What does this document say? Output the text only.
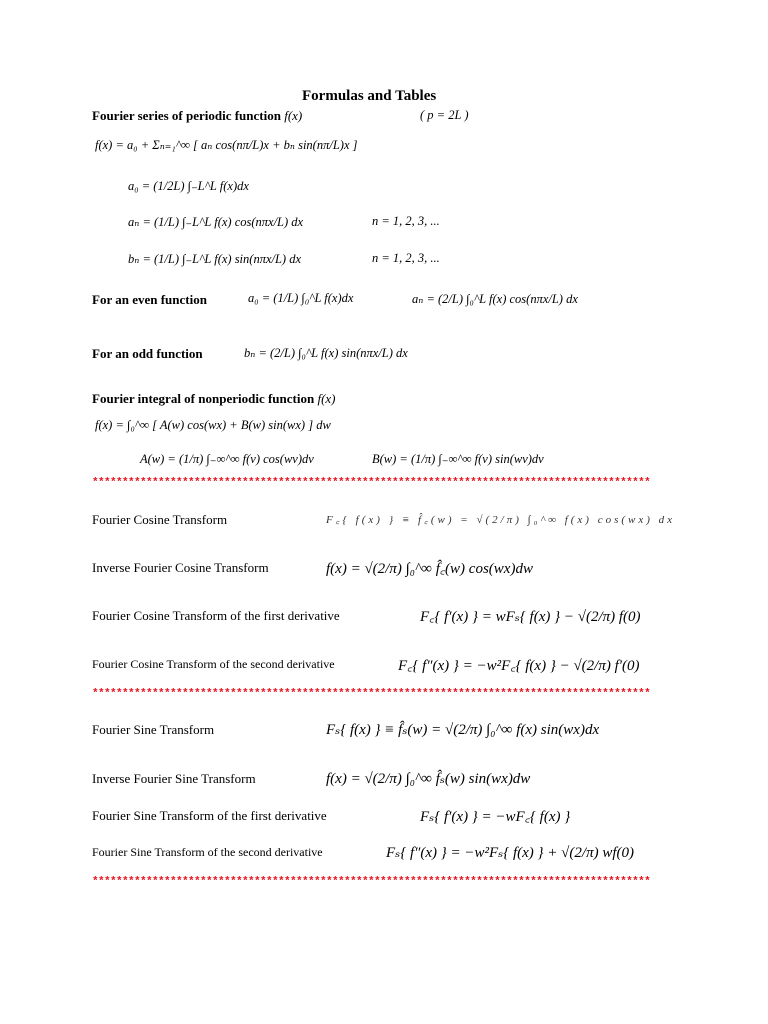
Formulas and Tables
Fourier series of periodic function f(x)	( p = 2L )
f(x) = a₀ + Σₙ₌₁^∞ [ aₙ cos(nπ/L)x + bₙ sin(nπ/L)x ]
a₀ = (1/2L) ∫₋L^L f(x)dx
aₙ = (1/L) ∫₋L^L f(x) cos(nπx/L) dx	n = 1, 2, 3, ...
bₙ = (1/L) ∫₋L^L f(x) sin(nπx/L) dx	n = 1, 2, 3, ...
For an even function	a₀ = (1/L) ∫₀^L f(x)dx	aₙ = (2/L) ∫₀^L f(x) cos(nπx/L) dx
For an odd function	bₙ = (2/L) ∫₀^L f(x) sin(nπx/L) dx
Fourier integral of nonperiodic function f(x)
f(x) = ∫₀^∞ [ A(w) cos(wx) + B(w) sin(wx) ] dw
A(w) = (1/π) ∫₋∞^∞ f(v) cos(wv)dv	B(w) = (1/π) ∫₋∞^∞ f(v) sin(wv)dv
*********************************************************************************************
Fourier Cosine Transform	F꜀{ f(x) } ≡ f̂꜀(w) = √(2/π) ∫₀^∞ f(x) cos(wx) dx
Inverse Fourier Cosine Transform	f(x) = √(2/π) ∫₀^∞ f̂꜀(w) cos(wx)dw
Fourier Cosine Transform of the first derivative	F꜀{ f′(x) } = wFₛ{ f(x) } − √(2/π) f(0)
Fourier Cosine Transform of the second derivative	F꜀{ f″(x) } = −w²F꜀{ f(x) } − √(2/π) f′(0)
*********************************************************************************************
Fourier Sine Transform	Fₛ{ f(x) } ≡ f̂ₛ(w) = √(2/π) ∫₀^∞ f(x) sin(wx)dx
Inverse Fourier Sine Transform	f(x) = √(2/π) ∫₀^∞ f̂ₛ(w) sin(wx)dw
Fourier Sine Transform of the first derivative	Fₛ{ f′(x) } = −wF꜀{ f(x) }
Fourier Sine Transform of the second derivative	Fₛ{ f″(x) } = −w²Fₛ{ f(x) } + √(2/π) wf(0)
*********************************************************************************************
